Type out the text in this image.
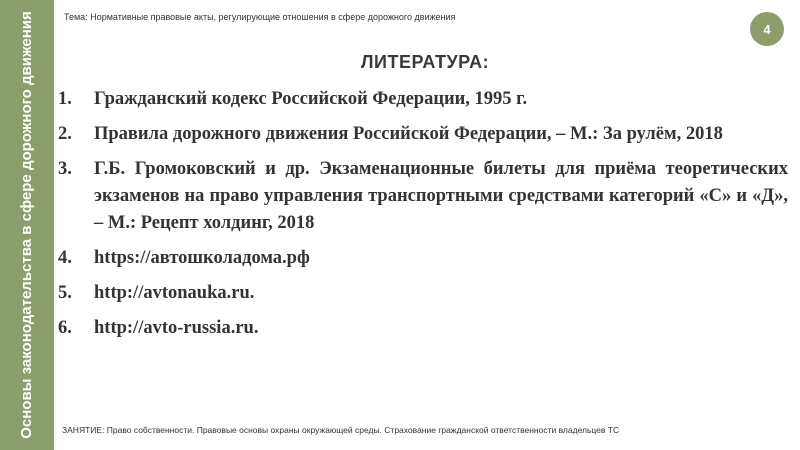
Основы законодательства в сфере дорожного движения	Тема: Нормативные правовые акты, регулирующие отношения в сфере дорожного движения
4
ЛИТЕРАТУРА:
1. Гражданский кодекс Российской Федерации, 1995 г.
2. Правила дорожного движения Российской Федерации, – М.: За рулём, 2018
3. Г.Б. Громоковский и др. Экзаменационные билеты для приёма теоретических экзаменов на право управления транспортными средствами категорий «С» и «Д», – М.: Рецепт холдинг, 2018
4. https://автошколадома.рф
5. http://avtonauka.ru.
6. http://avto-russia.ru.
ЗАНЯТИЕ: Право собственности. Правовые основы охраны окружающей среды. Страхование гражданской ответственности владельцев ТС
